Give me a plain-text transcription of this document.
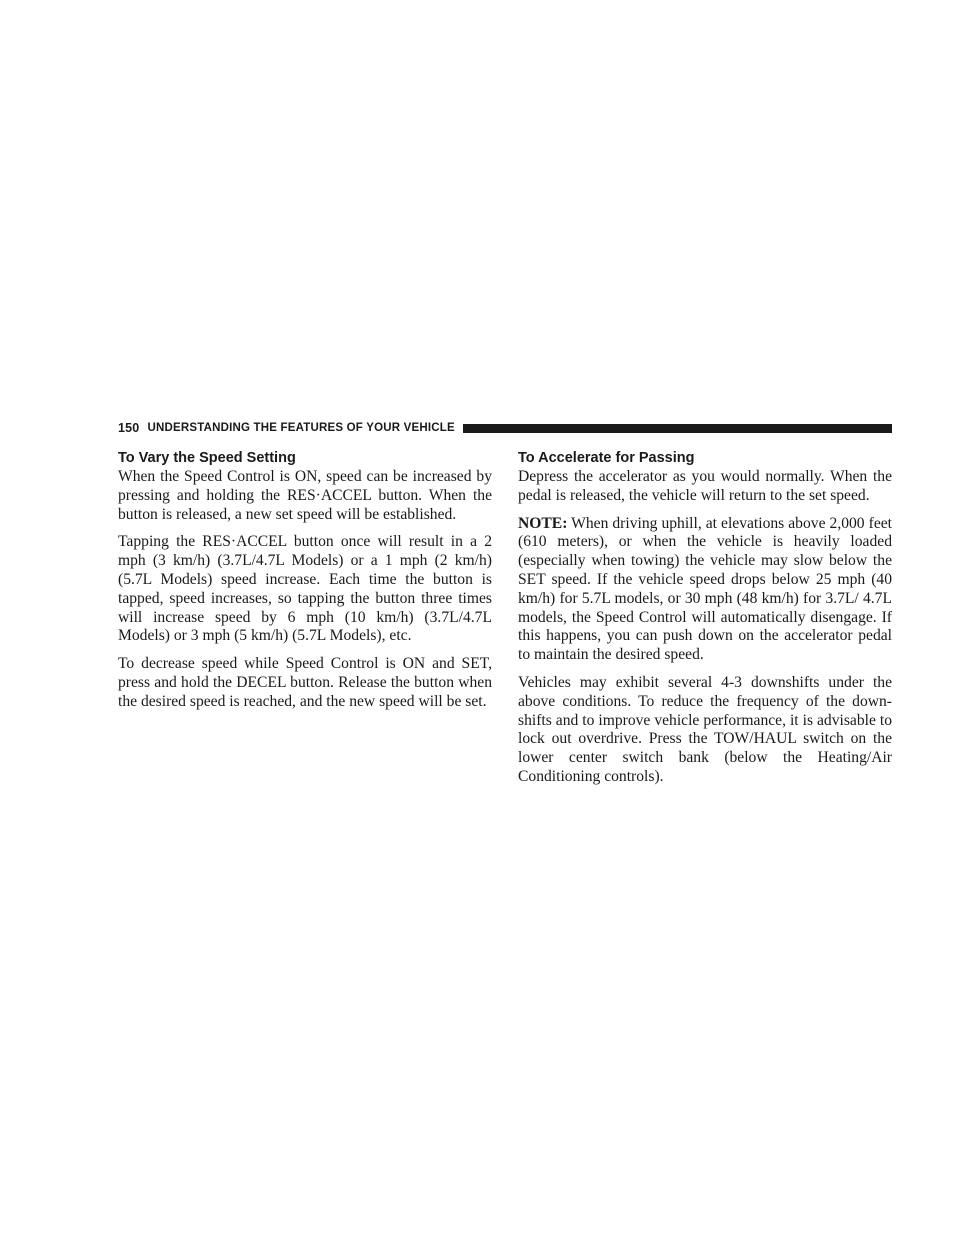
150 UNDERSTANDING THE FEATURES OF YOUR VEHICLE
To Vary the Speed Setting

When the Speed Control is ON, speed can be increased by pressing and holding the RES·ACCEL button. When the button is released, a new set speed will be established.

Tapping the RES·ACCEL button once will result in a 2 mph (3 km/h) (3.7L/4.7L Models) or a 1 mph (2 km/h) (5.7L Models) speed increase. Each time the button is tapped, speed increases, so tapping the button three times will increase speed by 6 mph (10 km/h) (3.7L/4.7L Models) or 3 mph (5 km/h) (5.7L Models), etc.

To decrease speed while Speed Control is ON and SET, press and hold the DECEL button. Release the button when the desired speed is reached, and the new speed will be set.

To Accelerate for Passing

Depress the accelerator as you would normally. When the pedal is released, the vehicle will return to the set speed.

NOTE: When driving uphill, at elevations above 2,000 feet (610 meters), or when the vehicle is heavily loaded (especially when towing) the vehicle may slow below the SET speed. If the vehicle speed drops below 25 mph (40 km/h) for 5.7L models, or 30 mph (48 km/h) for 3.7L/ 4.7L models, the Speed Control will automatically disengage. If this happens, you can push down on the accelerator pedal to maintain the desired speed.

Vehicles may exhibit several 4-3 downshifts under the above conditions. To reduce the frequency of the downshifts and to improve vehicle performance, it is advisable to lock out overdrive. Press the TOW/HAUL switch on the lower center switch bank (below the Heating/Air Conditioning controls).
